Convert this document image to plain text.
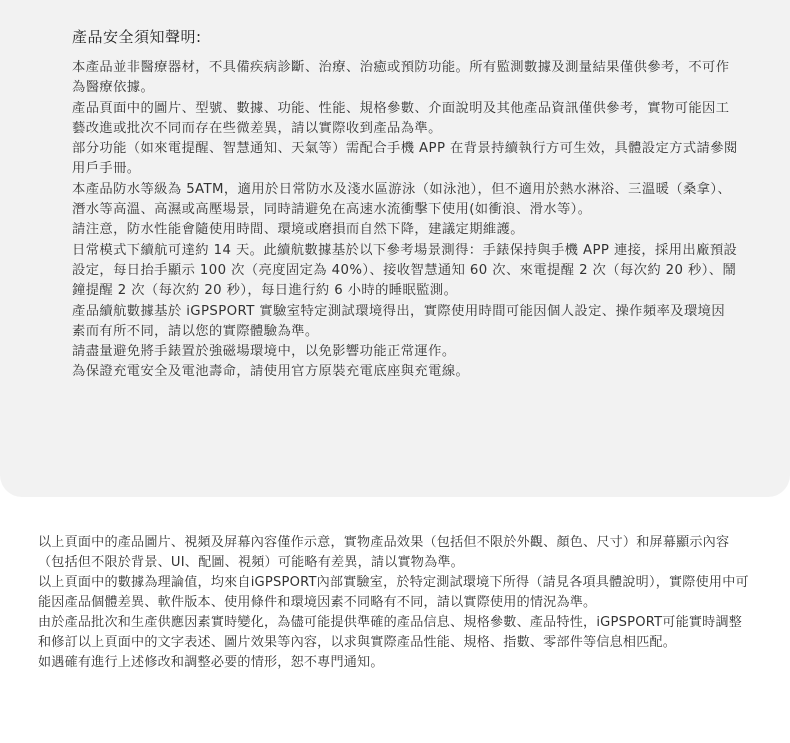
產品安全須知聲明:

本產品並非醫療器材，不具備疾病診斷、治療、治癒或預防功能。所有監測數據及測量結果僅供參考，不可作為醫療依據。

產品頁面中的圖片、型號、數據、功能、性能、規格參數、介面說明及其他產品資訊僅供參考，實物可能因工藝改進或批次不同而存在些微差異，請以實際收到產品為準。

部分功能（如來電提醒、智慧通知、天氣等）需配合手機 APP 在背景持續執行方可生效，具體設定方式請參閱用戶手冊。

本產品防水等級為 5ATM，適用於日常防水及淺水區游泳（如泳池），但不適用於熱水淋浴、三溫暖（桑拿）、潛水等高溫、高濕或高壓場景，同時請避免在高速水流衝擊下使用(如衝浪、滑水等）。

請注意，防水性能會隨使用時間、環境或磨損而自然下降，建議定期維護。

日常模式下續航可達約 14 天。此續航數據基於以下參考場景測得：手錶保持與手機 APP 連接，採用出廠預設設定，每日抬手顯示 100 次（亮度固定為 40%）、接收智慧通知 60 次、來電提醒 2 次（每次約 20 秒）、鬧鐘提醒 2 次（每次約 20 秒），每日進行約 6 小時的睡眠監測。

產品續航數據基於 iGPSPORT 實驗室特定測試環境得出，實際使用時間可能因個人設定、操作頻率及環境因素而有所不同，請以您的實際體驗為準。

請盡量避免將手錶置於強磁場環境中，以免影響功能正常運作。

為保證充電安全及電池壽命，請使用官方原裝充電底座與充電線。

以上頁面中的產品圖片、視頻及屏幕內容僅作示意，實物產品效果（包括但不限於外觀、顏色、尺寸）和屏幕顯示內容（包括但不限於背景、UI、配圖、視頻）可能略有差異，請以實物為準。

以上頁面中的數據為理論值，均來自iGPSPORT內部實驗室，於特定測試環境下所得（請見各項具體說明），實際使用中可能因產品個體差異、軟件版本、使用條件和環境因素不同略有不同，請以實際使用的情況為準。

由於產品批次和生產供應因素實時變化，為儘可能提供準確的產品信息、規格參數、產品特性，iGPSPORT可能實時調整和修訂以上頁面中的文字表述、圖片效果等內容，以求與實際產品性能、規格、指數、零部件等信息相匹配。

如遇確有進行上述修改和調整必要的情形，恕不專門通知。
